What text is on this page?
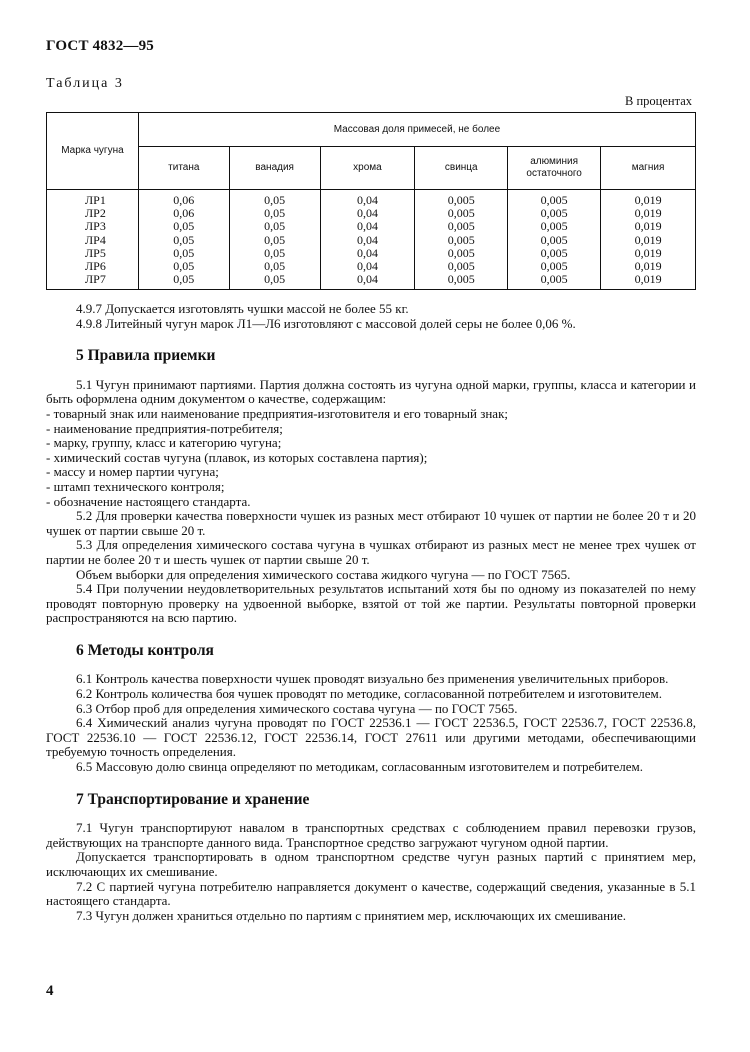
ГОСТ 4832—95
Таблица 3
В процентах
Марка чугуна	Массовая доля примесей, не более					
	титана	ванадия	хрома	свинца	алюминия остаточного	магния
ЛР1	0,06	0,05	0,04	0,005	0,005	0,019
ЛР2	0,06	0,05	0,04	0,005	0,005	0,019
ЛР3	0,05	0,05	0,04	0,005	0,005	0,019
ЛР4	0,05	0,05	0,04	0,005	0,005	0,019
ЛР5	0,05	0,05	0,04	0,005	0,005	0,019
ЛР6	0,05	0,05	0,04	0,005	0,005	0,019
ЛР7	0,05	0,05	0,04	0,005	0,005	0,019

4.9.7 Допускается изготовлять чушки массой не более 55 кг.

4.9.8 Литейный чугун марок Л1—Л6 изготовляют с массовой долей серы не более 0,06 %.

5 Правила приемки

5.1 Чугун принимают партиями. Партия должна состоять из чугуна одной марки, группы, класса и категории и быть оформлена одним документом о качестве, содержащим:

- товарный знак или наименование предприятия-изготовителя и его товарный знак;

- наименование предприятия-потребителя;

- марку, группу, класс и категорию чугуна;

- химический состав чугуна (плавок, из которых составлена партия);

- массу и номер партии чугуна;

- штамп технического контроля;

- обозначение настоящего стандарта.

5.2 Для проверки качества поверхности чушек из разных мест отбирают 10 чушек от партии не более 20 т и 20 чушек от партии свыше 20 т.

5.3 Для определения химического состава чугуна в чушках отбирают из разных мест не менее трех чушек от партии не более 20 т и шесть чушек от партии свыше 20 т.

Объем выборки для определения химического состава жидкого чугуна — по ГОСТ 7565.

5.4 При получении неудовлетворительных результатов испытаний хотя бы по одному из показателей по нему проводят повторную проверку на удвоенной выборке, взятой от той же партии. Результаты повторной проверки распространяются на всю партию.

6 Методы контроля

6.1 Контроль качества поверхности чушек проводят визуально без применения увеличительных приборов.

6.2 Контроль количества боя чушек проводят по методике, согласованной потребителем и изготовителем.

6.3 Отбор проб для определения химического состава чугуна — по ГОСТ 7565.

6.4 Химический анализ чугуна проводят по ГОСТ 22536.1 — ГОСТ 22536.5, ГОСТ 22536.7, ГОСТ 22536.8, ГОСТ 22536.10 — ГОСТ 22536.12, ГОСТ 22536.14, ГОСТ 27611 или другими методами, обеспечивающими требуемую точность определения.

6.5 Массовую долю свинца определяют по методикам, согласованным изготовителем и потребителем.

7 Транспортирование и хранение

7.1 Чугун транспортируют навалом в транспортных средствах с соблюдением правил перевозки грузов, действующих на транспорте данного вида. Транспортное средство загружают чугуном одной партии.

Допускается транспортировать в одном транспортном средстве чугун разных партий с принятием мер, исключающих их смешивание.

7.2 С партией чугуна потребителю направляется документ о качестве, содержащий сведения, указанные в 5.1 настоящего стандарта.

7.3 Чугун должен храниться отдельно по партиям с принятием мер, исключающих их смешивание.

4
